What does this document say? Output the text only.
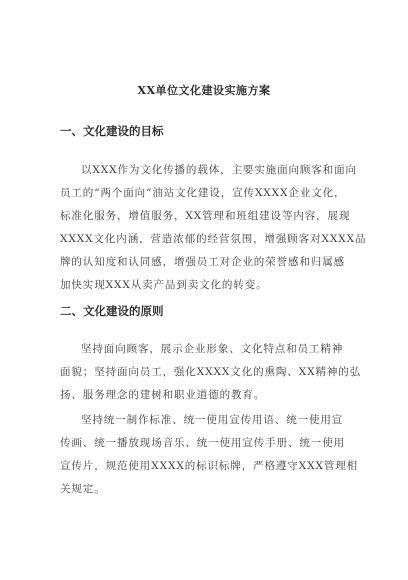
XX单位文化建设实施方案
一、文化建设的目标
以XXX作为文化传播的载体，主要实施面向顾客和面向
员工的“两个面向”油站文化建设，宣传XXXX企业文化，
标准化服务，增值服务，XX管理和班组建设等内容，展现
XXXX文化内涵，营造浓郁的经营氛围，增强顾客对XXXX品
牌的认知度和认同感，增强员工对企业的荣誉感和归属感
加快实现XXX从卖产品到卖文化的转变。
二、文化建设的原则
坚持面向顾客，展示企业形象、文化特点和员工精神
面貌；坚持面向员工，强化XXXX文化的熏陶、XX精神的弘
扬、服务理念的建树和职业道德的教育。
坚持统一制作标准、统一使用宣传用语、统一使用宣
传画、统一播放现场音乐、统一使用宣传手册、统一使用
宣传片，规范使用XXXX的标识标牌，严格遵守XXX管理相
关规定。
